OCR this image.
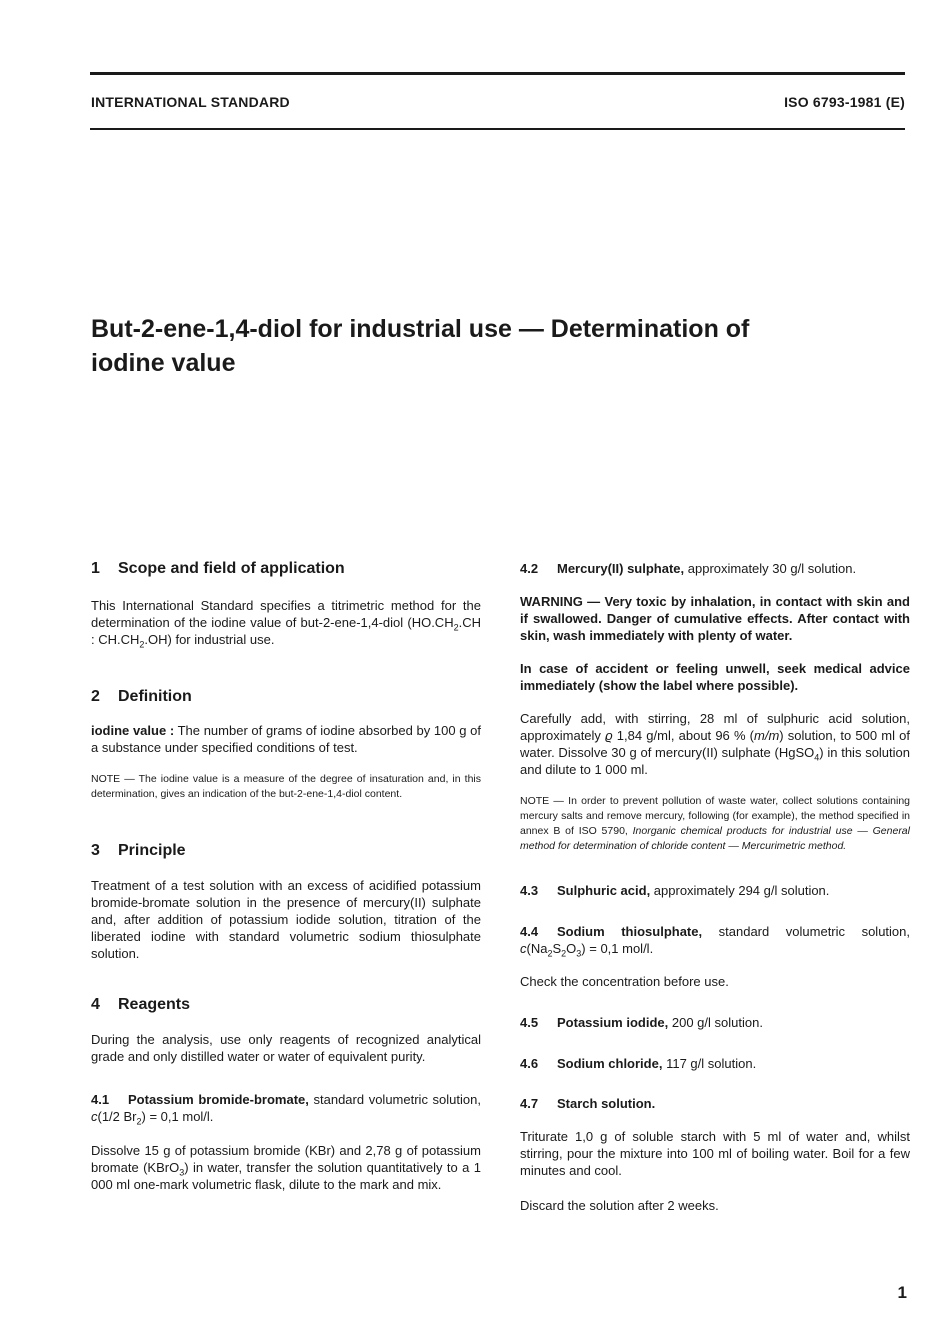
INTERNATIONAL STANDARD	ISO 6793-1981 (E)
But-2-ene-1,4-diol for industrial use — Determination of
iodine value
1 Scope and field of application

This International Standard specifies a titrimetric method for the determination of the iodine value of but-2-ene-1,4-diol ($HO.CH_2.CH$ : $CH.CH_2.OH$) for industrial use.

2 Definition

iodine value : The number of grams of iodine absorbed by 100 g of a substance under specified conditions of test.

NOTE — The iodine value is a measure of the degree of insaturation and, in this determination, gives an indication of the but-2-ene-1,4-diol content.

3 Principle

Treatment of a test solution with an excess of acidified potassium bromide-bromate solution in the presence of mercury(II) sulphate and, after addition of potassium iodide solution, titration of the liberated iodine with standard volumetric sodium thiosulphate solution.

4 Reagents

During the analysis, use only reagents of recognized analytical grade and only distilled water or water of equivalent purity.

4.1 Potassium bromide-bromate, standard volumetric solution, c(1/2 $Br_2) = 0,1$ mol/l.

Dissolve 15 g of potassium bromide (KBr) and 2,78 g of potassium bromate (KBrO$_3$) in water, transfer the solution quantitatively to a 1 000 ml one-mark volumetric flask, dilute to the mark and mix.

4.2 Mercury(II) sulphate, approximately 30 g/l solution.

WARNING — Very toxic by inhalation, in contact with skin and if swallowed. Danger of cumulative effects. After contact with skin, wash immediately with plenty of water.

In case of accident or feeling unwell, seek medical advice immediately (show the label where possible).

Carefully add, with stirring, 28 ml of sulphuric acid solution, approximately ϱ 1,84 g/ml, about 96 % (m/m) solution, to 500 ml of water. Dissolve 30 g of mercury(II) sulphate (HgSO$_4$) in this solution and dilute to 1 000 ml.

NOTE — In order to prevent pollution of waste water, collect solutions containing mercury salts and remove mercury, following (for example), the method specified in annex B of ISO 5790, Inorganic chemical products for industrial use — General method for determination of chloride content — Mercurimetric method.

4.3 Sulphuric acid, approximately 294 g/l solution.

4.4 Sodium thiosulphate, standard volumetric solution, $c(Na_2S_2O_3) = 0,1$ mol/l.

Check the concentration before use.

4.5 Potassium iodide, 200 g/l solution.

4.6 Sodium chloride, 117 g/l solution.

4.7 Starch solution.

Triturate 1,0 g of soluble starch with 5 ml of water and, whilst stirring, pour the mixture into 100 ml of boiling water. Boil for a few minutes and cool.

Discard the solution after 2 weeks.

1
